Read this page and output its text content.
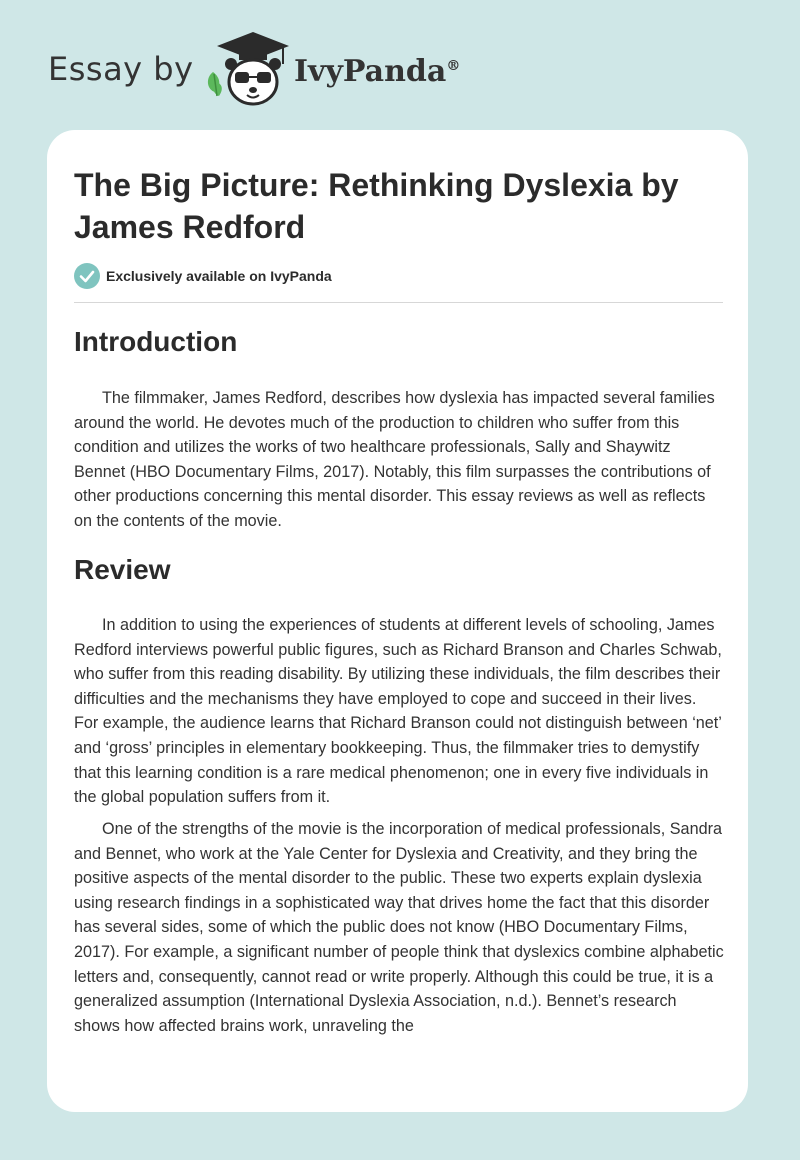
Essay by	IvyPanda®
The Big Picture: Rethinking Dyslexia by James Redford
Exclusively available on IvyPanda
Introduction

The filmmaker, James Redford, describes how dyslexia has impacted several families around the world. He devotes much of the production to children who suffer from this condition and utilizes the works of two healthcare professionals, Sally and Shaywitz Bennet (HBO Documentary Films, 2017). Notably, this film surpasses the contributions of other productions concerning this mental disorder. This essay reviews as well as reflects on the contents of the movie.

Review

In addition to using the experiences of students at different levels of schooling, James Redford interviews powerful public figures, such as Richard Branson and Charles Schwab, who suffer from this reading disability. By utilizing these individuals, the film describes their difficulties and the mechanisms they have employed to cope and succeed in their lives. For example, the audience learns that Richard Branson could not distinguish between ‘net’ and ‘gross’ principles in elementary bookkeeping. Thus, the filmmaker tries to demystify that this learning condition is a rare medical phenomenon; one in every five individuals in the global population suffers from it.

One of the strengths of the movie is the incorporation of medical professionals, Sandra and Bennet, who work at the Yale Center for Dyslexia and Creativity, and they bring the positive aspects of the mental disorder to the public. These two experts explain dyslexia using research findings in a sophisticated way that drives home the fact that this disorder has several sides, some of which the public does not know (HBO Documentary Films, 2017). For example, a significant number of people think that dyslexics combine alphabetic letters and, consequently, cannot read or write properly. Although this could be true, it is a generalized assumption (International Dyslexia Association, n.d.). Bennet’s research shows how affected brains work, unraveling the
